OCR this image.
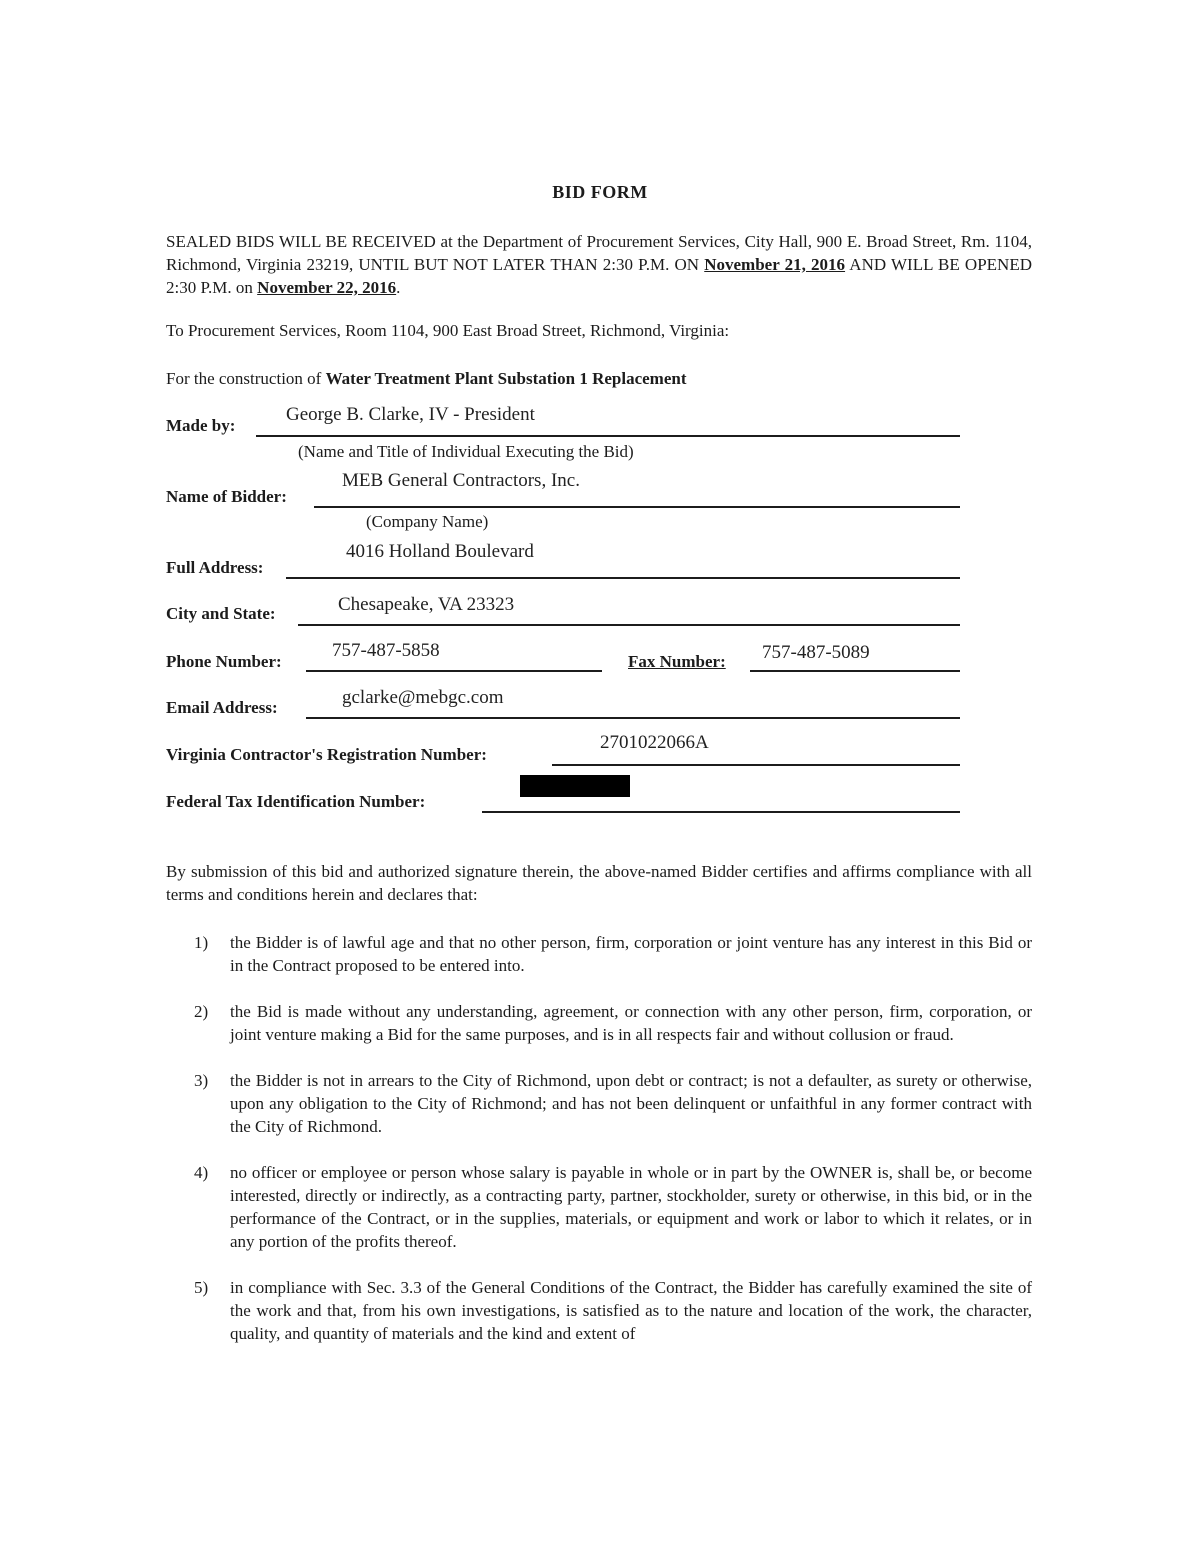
BID FORM
SEALED BIDS WILL BE RECEIVED at the Department of Procurement Services, City Hall, 900 E. Broad Street, Rm. 1104, Richmond, Virginia 23219, UNTIL BUT NOT LATER THAN 2:30 P.M. ON November 21, 2016 AND WILL BE OPENED 2:30 P.M. on November 22, 2016.
To Procurement Services, Room 1104, 900 East Broad Street, Richmond, Virginia:
For the construction of Water Treatment Plant Substation 1 Replacement
Made by:
George B. Clarke, IV - President
(Name and Title of Individual Executing the Bid)
Name of Bidder:
MEB General Contractors, Inc.
(Company Name)
Full Address:
4016 Holland Boulevard
City and State:	Chesapeake, VA 23323
Phone Number:
757-487-5858
Fax Number: 757-487-5089
Email Address:	gclarke@mebgc.com
Virginia Contractor's Registration Number:
2701022066A
Federal Tax Identification Number:
By submission of this bid and authorized signature therein, the above-named Bidder certifies and affirms compliance with all terms and conditions herein and declares that:
1) the Bidder is of lawful age and that no other person, firm, corporation or joint venture has any interest in this Bid or in the Contract proposed to be entered into.
2) the Bid is made without any understanding, agreement, or connection with any other person, firm, corporation, or joint venture making a Bid for the same purposes, and is in all respects fair and without collusion or fraud.
3) the Bidder is not in arrears to the City of Richmond, upon debt or contract; is not a defaulter, as surety or otherwise, upon any obligation to the City of Richmond; and has not been delinquent or unfaithful in any former contract with the City of Richmond.
4) no officer or employee or person whose salary is payable in whole or in part by the OWNER is, shall be, or become interested, directly or indirectly, as a contracting party, partner, stockholder, surety or otherwise, in this bid, or in the performance of the Contract, or in the supplies, materials, or equipment and work or labor to which it relates, or in any portion of the profits thereof.
5) in compliance with Sec. 3.3 of the General Conditions of the Contract, the Bidder has carefully examined the site of the work and that, from his own investigations, is satisfied as to the nature and location of the work, the character, quality, and quantity of materials and the kind and extent of
